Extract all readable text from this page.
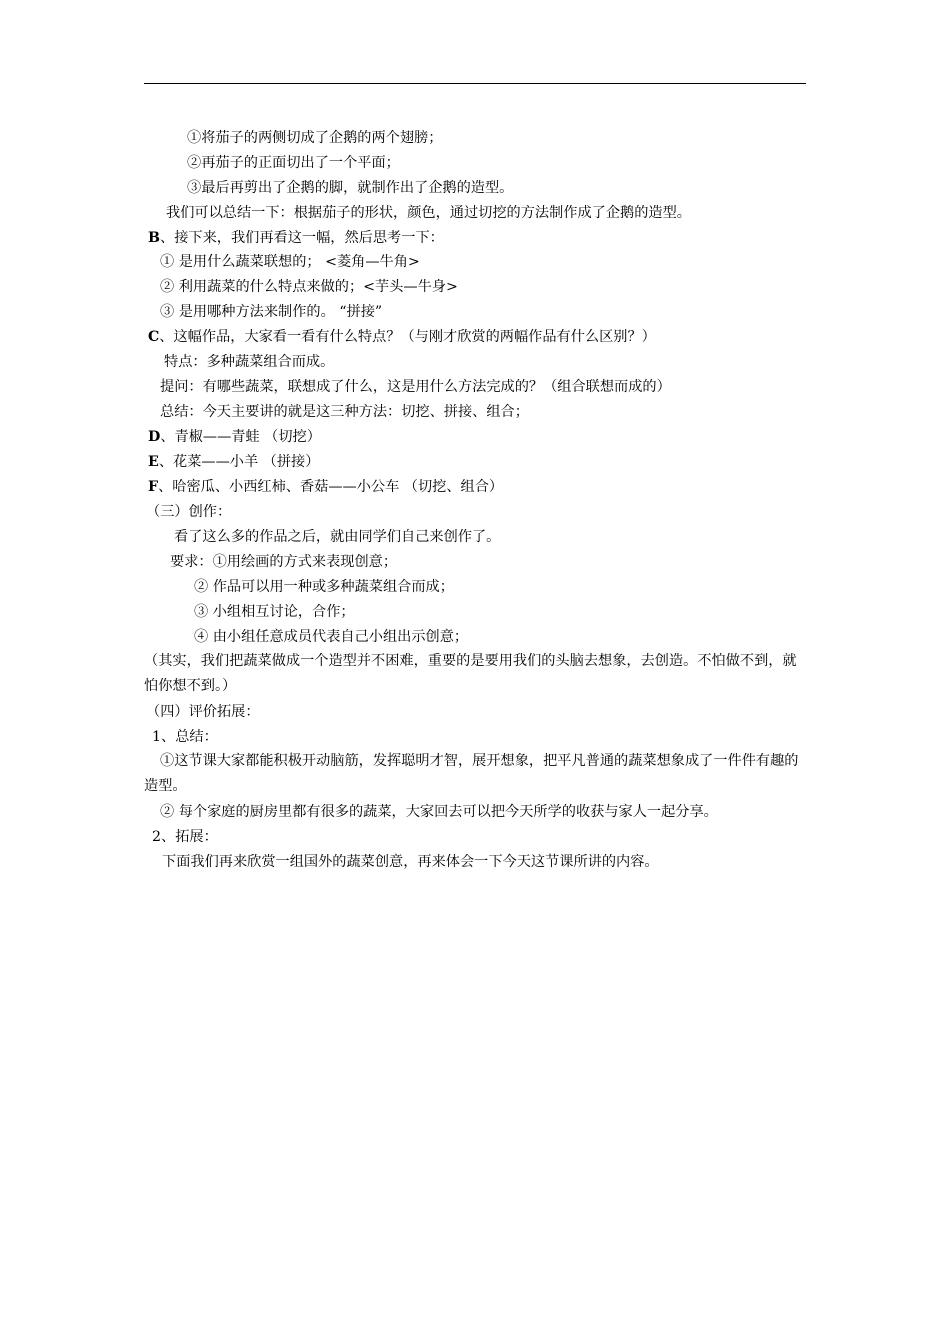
①将茄子的两侧切成了企鹅的两个翅膀；
②再茄子的正面切出了一个平面；
③最后再剪出了企鹅的脚，就制作出了企鹅的造型。
我们可以总结一下：根据茄子的形状，颜色，通过切挖的方法制作成了企鹅的造型。
B、接下来，我们再看这一幅，然后思考一下：
① 是用什么蔬菜联想的； <菱角—牛角>
② 利用蔬菜的什么特点来做的；<芋头—牛身>
③ 是用哪种方法来制作的。 “拼接”
C、这幅作品，大家看一看有什么特点？（与刚才欣赏的两幅作品有什么区别？）
特点：多种蔬菜组合而成。
提问：有哪些蔬菜，联想成了什么，这是用什么方法完成的？（组合联想而成的）
总结：今天主要讲的就是这三种方法：切挖、拼接、组合；
D、青椒——青蛙 （切挖）
E、花菜——小羊 （拼接）
F、哈密瓜、小西红柿、香菇——小公车 （切挖、组合）
（三）创作：
看了这么多的作品之后，就由同学们自己来创作了。
要求：①用绘画的方式来表现创意；
② 作品可以用一种或多种蔬菜组合而成；
③ 小组相互讨论，合作；
④ 由小组任意成员代表自己小组出示创意；
（其实，我们把蔬菜做成一个造型并不困难，重要的是要用我们的头脑去想象，去创造。不怕做不到，就怕你想不到。）
（四）评价拓展：
1、总结：
①这节课大家都能积极开动脑筋，发挥聪明才智，展开想象，把平凡普通的蔬菜想象成了一件件有趣的造型。
② 每个家庭的厨房里都有很多的蔬菜，大家回去可以把今天所学的收获与家人一起分享。
2、拓展：
下面我们再来欣赏一组国外的蔬菜创意，再来体会一下今天这节课所讲的内容。
